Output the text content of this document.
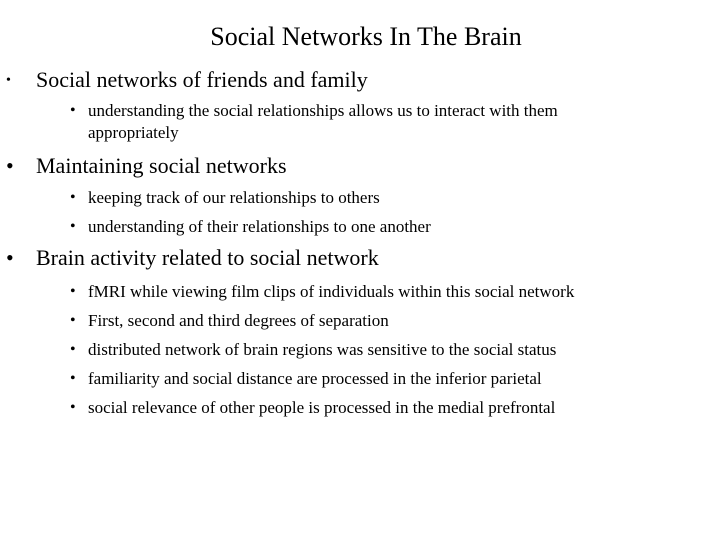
Social Networks In The Brain
• Social networks of friends and family
• understanding the social relationships allows us to interact with them appropriately
• Maintaining social networks
• keeping track of our relationships to others
• understanding of their relationships to one another
• Brain activity related to social network
• fMRI while viewing film clips of individuals within this social network
• First, second and third degrees of separation
• distributed network of brain regions was sensitive to the social status
• familiarity and social distance are processed in the inferior parietal
• social relevance of other people is processed in the medial prefrontal
